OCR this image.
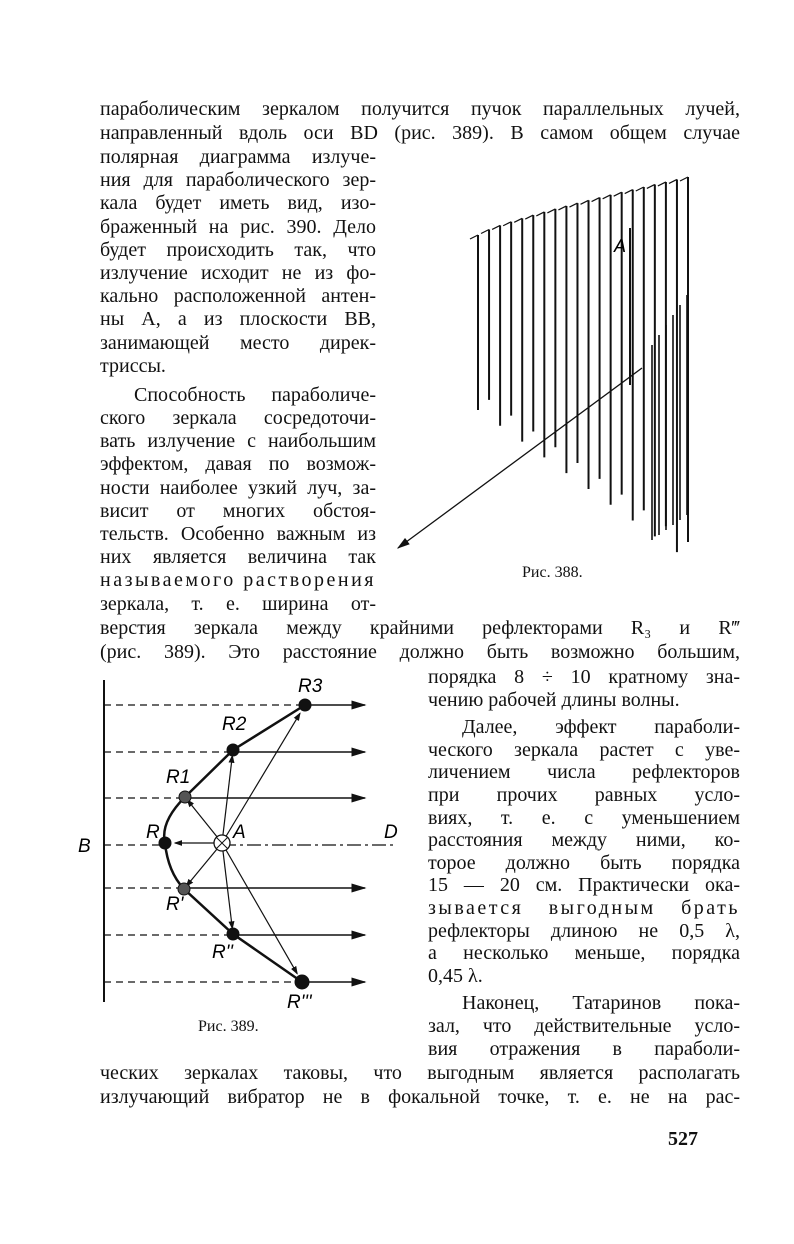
параболическим зеркалом получится пучок параллельных лучей,
направленный вдоль оси BD (рис. 389). В самом общем случае
полярная диаграмма излуче-
ния для параболического зер-
кала будет иметь вид, изо-
браженный на рис. 390. Дело
будет происходить так, что
излучение исходит не из фо-
кально расположенной антен-
ны A, а из плоскости BB,
занимающей место дирек-
триссы.
Способность параболиче-
ского зеркала сосредоточи-
вать излучение с наибольшим
эффектом, давая по возмож-
ности наиболее узкий луч, за-
висит от многих обстоя-
тельств. Особенно важным из
них является величина так
называемого растворения
зеркала, т. е. ширина от-
верстия зеркала между крайними рефлекторами R₃ и R‴
(рис. 389). Это расстояние должно быть возможно большим,
порядка 8 ÷ 10 кратному зна-
чению рабочей длины волны.
Далее, эффект параболи-
ческого зеркала растет с уве-
личением числа рефлекторов
при прочих равных усло-
виях, т. е. с уменьшением
расстояния между ними, ко-
торое должно быть порядка
15 — 20 см. Практически ока-
зывается выгодным брать
рефлекторы длиною не 0,5 λ,
а несколько меньше, порядка
0,45 λ.
Наконец, Татаринов пока-
зал, что действительные усло-
вия отражения в параболи-
ческих зеркалах таковы, что выгодным является располагать
излучающий вибратор не в фокальной точке, т. е. не на рас-
A
Рис. 388.
R3
R2
R1
R	A	D
B
R'
R''
R'''
Рис. 389.
527
